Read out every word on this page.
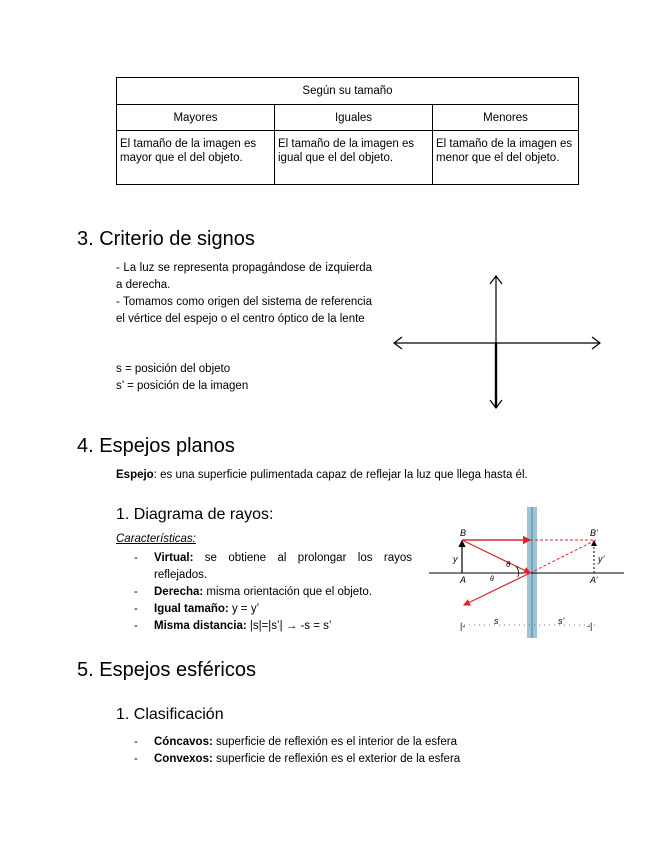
Según su tamaño		
Mayores	Iguales	Menores
El tamaño de la imagen es mayor que el del objeto.	El tamaño de la imagen es igual que el del objeto.	El tamaño de la imagen es menor que el del objeto.
3. Criterio de signos
- La luz se representa propagándose de izquierda a derecha.
- Tomamos como origen del sistema de referencia el vértice del espejo o el centro óptico de la lente
s = posición del objeto
s’ = posición de la imagen
4. Espejos planos
Espejo: es una superficie pulimentada capaz de reflejar la luz que llega hasta él.
1. Diagrama de rayos:
Características:
- Virtual: se obtiene al prolongar los rayos reflejados.
- Derecha: misma orientación que el objeto.
- Igual tamaño: y = y’
- Misma distancia: |s|=|s’| → -s = s’
B	B’
A	A’
y	y’
θ
θ
|-	s	s’	-|
5. Espejos esféricos
1. Clasificación
- Cóncavos: superficie de reflexión es el interior de la esfera
- Convexos: superficie de reflexión es el exterior de la esfera
